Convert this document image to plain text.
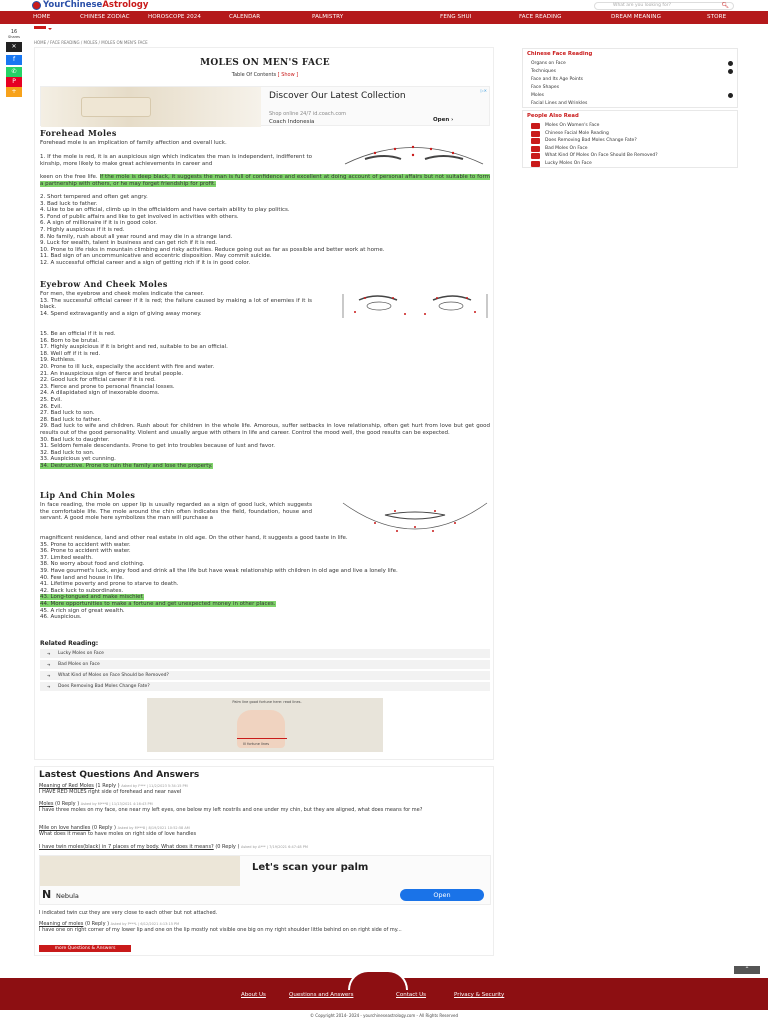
YourChinese Astrology	What are you looking for?	🔍︎
HOME	CHINESE ZODIAC	HOROSCOPE 2024	CALENDAR	PALMISTRY	FENG SHUI	FACE READING	DREAM MEANING	STORE
16
Shares
✕
f
✆
P
+
HOME / FACE READING / MOLES / MOLES ON MEN'S FACE
MOLES ON MEN'S FACE
Table Of Contents [ Show ]
Discover Our Latest Collection
Shop online 24/7 id.coach.com
Coach Indonesia	Open ›
▷✕
Forehead Moles

Forehead mole is an implication of family affection and overall luck.

1. If the mole is red, it is an auspicious sign which indicates the man is independent, indifferent to kinship, more likely to make great achievements in career and
keen on the free life. If the mole is deep black, it suggests the man is full of confidence and excellent at doing account of personal affairs but not suitable to form a partnership with others, or he may forget friendship for profit.

2. Short tempered and often get angry.

3. Bad luck to father.

4. Like to be an official, climb up in the officialdom and have certain ability to play politics.

5. Fond of public affairs and like to get involved in activities with others.

6. A sign of millionaire if it is in good color.

7. Highly auspicious if it is red.

8. No family, rush about all year round and may die in a strange land.

9. Luck for wealth, talent in business and can get rich if it is red.

10. Prone to life risks in mountain climbing and risky activities. Reduce going out as far as possible and better work at home.

11. Bad sign of an uncommunicative and eccentric disposition. May commit suicide.

12. A successful official career and a sign of getting rich if it is in good color.

Eyebrow And Cheek Moles

For men, the eyebrow and cheek moles indicate the career.

13. The successful official career if it is red; the failure caused by making a lot of enemies if it is black.

14. Spend extravagantly and a sign of giving away money.

15. Be an official if it is red.

16. Born to be brutal.

17. Highly auspicious if it is bright and red, suitable to be an official.

18. Well off if it is red.

19. Ruthless.

20. Prone to ill luck, especially the accident with fire and water.

21. An inauspicious sign of fierce and brutal people.

22. Good luck for official career if it is red.

23. Fierce and prone to personal financial losses.

24. A dilapidated sign of inexorable dooms.

25. Evil.

26. Evil.

27. Bad luck to son.

28. Bad luck to father.

29. Bad luck to wife and children. Rush about for children in the whole life. Amorous, suffer setbacks in love relationship, often get hurt from love but get good results out of the good personality. Violent and usually argue with others in life and career. Control the mood well, the good results can be expected.

30. Bad luck to daughter.

31. Seldom female descendants. Prone to get into troubles because of lust and favor.

32. Bad luck to son.

33. Auspicious yet cunning.

34. Destructive. Prone to ruin the family and lose the property.

Lip And Chin Moles
In face reading, the mole on upper lip is usually regarded as a sign of good luck, which suggests the comfortable life. The mole around the chin often indicates the field, foundation, house and servant. A good mole here symbolizes the man will purchase a

magnificent residence, land and other real estate in old age. On the other hand, it suggests a good taste in life.

35. Prone to accident with water.

36. Prone to accident with water.

37. Limited wealth.

38. No worry about food and clothing.

39. Have gourmet's luck, enjoy food and drink all the life but have weak relationship with children in old age and live a lonely life.

40. Few land and house in life.

41. Lifetime poverty and prone to starve to death.

42. Back luck to subordinates.

43. Long-tongued and make mischief.

44. More opportunities to make a fortune and get unexpected money in other places.

45. A rich sign of great wealth.

46. Auspicious.

Related Reading:
➔ Lucky Moles on Face
➔ Bad Moles on Face
➔ What Kind of Moles on Face Should be Removed?
➔ Does Removing Bad Moles Change Fate?
Palm line good fortune here: read lines.
Ill fortune lines
Chinese Face Reading
Organs on Face
Techniques
Face and Its Age Points
Face Shapes
Moles
Facial Lines and Wrinkles
People Also Read
Moles On Women's Face
Chinese Facial Mole Reading
Does Removing Bad Moles Change Fate?
Bad Moles On Face
What Kind Of Moles On Face Should Be Removed?
Lucky Moles On Face
Lastest Questions And Answers
Meaning of Red Moles (1 Reply ) Asked by F*** | 11/2/2023 5:34:15 PM
I HAVE RED MOLES right side of forehead and near navel
Moles (0 Reply ) Asked by M***8 | 11/13/2021 4:16:43 PM
I have three moles on my face, one near my left eyes, one below my left nostrils and one under my chin, but they are aligned, what does means for me?
Mile on love handles (0 Reply ) Asked by M***8 | 8/19/2021 10:52:58 AM
What does it mean to have moles on right side of love handles
I have twin moles(black) in 7 places of my body. What does it means? (0 Reply ) Asked by A*** | 7/19/2021 6:47:48 PM
Let's scan your palm
N Nebula	Open
I indicated twin cuz they are very close to each other but not attached.
Meaning of moles (0 Reply ) Asked by P***L | 6/12/2021 4:13:15 PM
I have one on right corner of my lower lip and one on the lip mostly not visible one big on my right shoulder little behind on on right side of my...
more Questions & Answers
⌃
About Us	Questions and Answers	Contact Us	Privacy & Security
© Copyright 2014- 2024 - yourchineseastrology.com - All Rights Reserved
